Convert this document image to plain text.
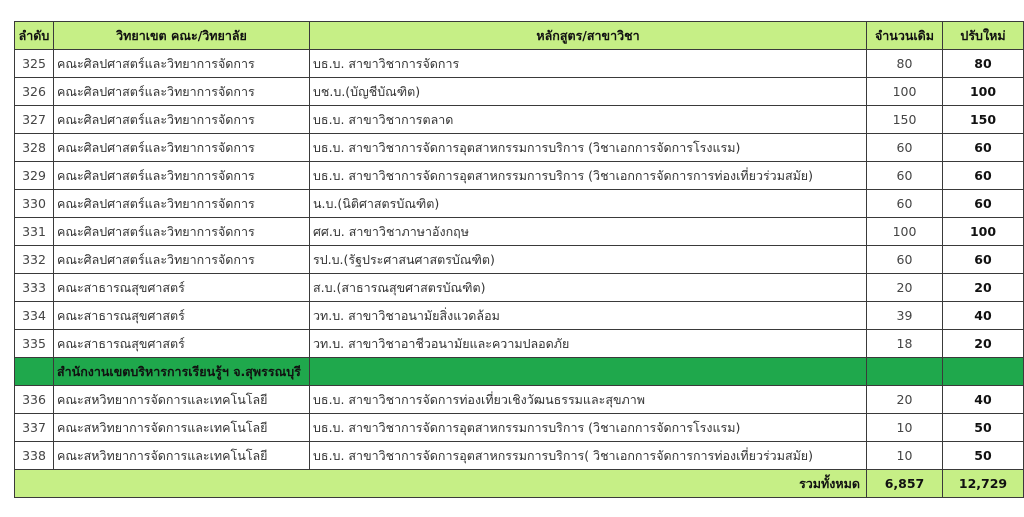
ลำดับ	วิทยาเขต คณะ/วิทยาลัย	หลักสูตร/สาขาวิชา	จำนวนเดิม	ปรับใหม่
325	คณะศิลปศาสตร์และวิทยาการจัดการ	บธ.บ. สาขาวิชาการจัดการ	80	80
326	คณะศิลปศาสตร์และวิทยาการจัดการ	บช.บ.(บัญชีบัณฑิต)	100	100
327	คณะศิลปศาสตร์และวิทยาการจัดการ	บธ.บ. สาขาวิชาการตลาด	150	150
328	คณะศิลปศาสตร์และวิทยาการจัดการ	บธ.บ. สาขาวิชาการจัดการอุตสาหกรรมการบริการ (วิชาเอกการจัดการโรงแรม)	60	60
329	คณะศิลปศาสตร์และวิทยาการจัดการ	บธ.บ. สาขาวิชาการจัดการอุตสาหกรรมการบริการ (วิชาเอกการจัดการการท่องเที่ยวร่วมสมัย)	60	60
330	คณะศิลปศาสตร์และวิทยาการจัดการ	น.บ.(นิติศาสตรบัณฑิต)	60	60
331	คณะศิลปศาสตร์และวิทยาการจัดการ	ศศ.บ. สาขาวิชาภาษาอังกฤษ	100	100
332	คณะศิลปศาสตร์และวิทยาการจัดการ	รป.บ.(รัฐประศาสนศาสตรบัณฑิต)	60	60
333	คณะสาธารณสุขศาสตร์	ส.บ.(สาธารณสุขศาสตรบัณฑิต)	20	20
334	คณะสาธารณสุขศาสตร์	วท.บ. สาขาวิชาอนามัยสิ่งแวดล้อม	39	40
335	คณะสาธารณสุขศาสตร์	วท.บ. สาขาวิชาอาชีวอนามัยและความปลอดภัย	18	20
	สำนักงานเขตบริหารการเรียนรู้ฯ จ.สุพรรณบุรี			
336	คณะสหวิทยาการจัดการและเทคโนโลยี	บธ.บ. สาขาวิชาการจัดการท่องเที่ยวเชิงวัฒนธรรมและสุขภาพ	20	40
337	คณะสหวิทยาการจัดการและเทคโนโลยี	บธ.บ. สาขาวิชาการจัดการอุตสาหกรรมการบริการ (วิชาเอกการจัดการโรงแรม)	10	50
338	คณะสหวิทยาการจัดการและเทคโนโลยี	บธ.บ. สาขาวิชาการจัดการอุตสาหกรรมการบริการ( วิชาเอกการจัดการการท่องเที่ยวร่วมสมัย)	10	50
รวมทั้งหมด			6,857	12,729
